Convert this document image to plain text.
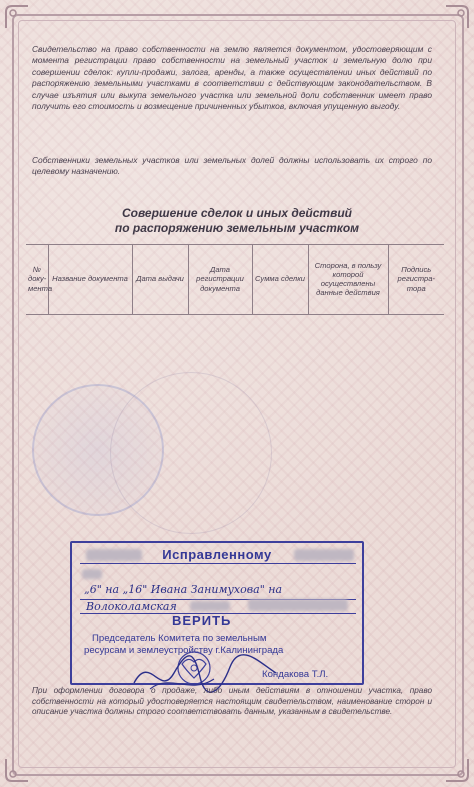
Свидетельство на право собственности на землю является документом, удостоверяющим с момента регистрации право собственности на земельный участок и земельную долю при совершении сделок: купли-продажи, залога, аренды, а также осуществлении иных действий по распоряжению земельными участками в соответствии с действующим законодательством. В случае изъятия или выкупа земельного участка или земельной доли собственник имеет право получить его стоимость и возмещение причиненных убытков, включая упущенную выгоду.
Собственники земельных участков или земельных долей должны использовать их строго по целевому назначению.
Совершение сделок и иных действий
по распоряжению земельным участком
№ доку- мента	Название документа	Дата выдачи	Дата регистрации документа	Сумма сделки	Сторона, в пользу которой осуществлены данные действия	Подпись регистра- тора
Исправленному
„6" на „16" Ивана Занимухова" на
Волоколамская
ВЕРИТЬ
Председатель Комитета по земельным
ресурсам и землеустройству г.Калининграда
Кондакова Т.Л.
При оформлении договора о продаже, либо иным действиям в отношении участка, право собственности на который удостоверяется настоящим свидетельством, наименование сторон и описание участка должны строго соответствовать данным, указанным в свидетельстве.
